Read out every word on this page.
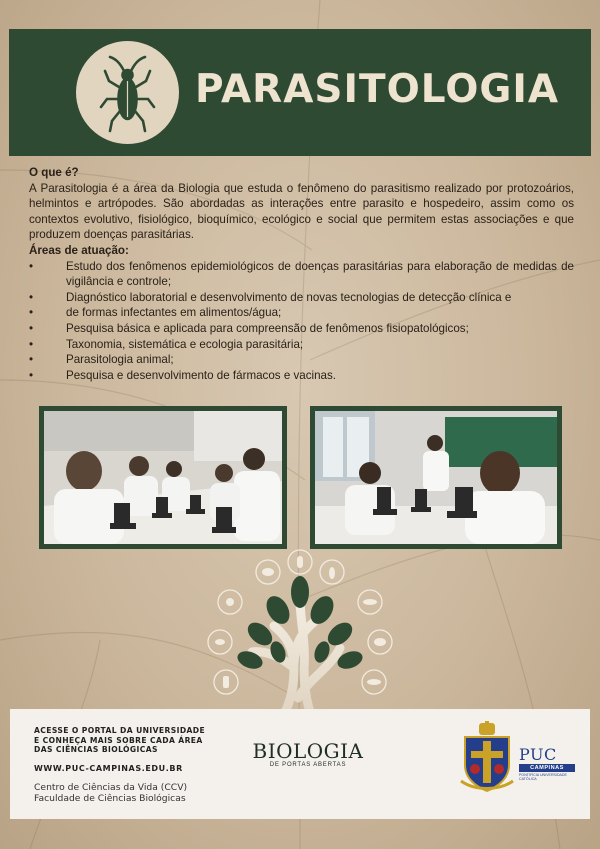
PARASITOLOGIA
O que é?
A Parasitologia é a área da Biologia que estuda o fenômeno do parasitismo realizado por protozoários, helmintos e artrópodes. São abordadas as interações entre parasito e hospedeiro, assim como os contextos evolutivo, fisiológico, bioquímico, ecológico e social que permitem estas associações e que produzem doenças parasitárias.
Áreas de atuação:
•	Estudo dos fenômenos epidemiológicos de doenças parasitárias para elaboração de medidas de vigilância e controle;
•	Diagnóstico laboratorial e desenvolvimento de novas tecnologias de detecção clínica e
•	de formas infectantes em alimentos/água;
•	Pesquisa básica e aplicada para compreensão de fenômenos fisiopatológicos;
•	Taxonomia, sistemática e ecologia parasitária;
•	Parasitologia animal;
•	Pesquisa e desenvolvimento de fármacos e vacinas.
ACESSE O PORTAL DA UNIVERSIDADE
E CONHEÇA MAIS SOBRE CADA ÁREA
DAS CIÊNCIAS BIOLÓGICAS
WWW.PUC-CAMPINAS.EDU.BR
Centro de Ciências da Vida (CCV)
Faculdade de Ciências Biológicas
BIOLOGIA
DE PORTAS ABERTAS
PUC
CAMPINAS
PONTIFÍCIA UNIVERSIDADE CATÓLICA
